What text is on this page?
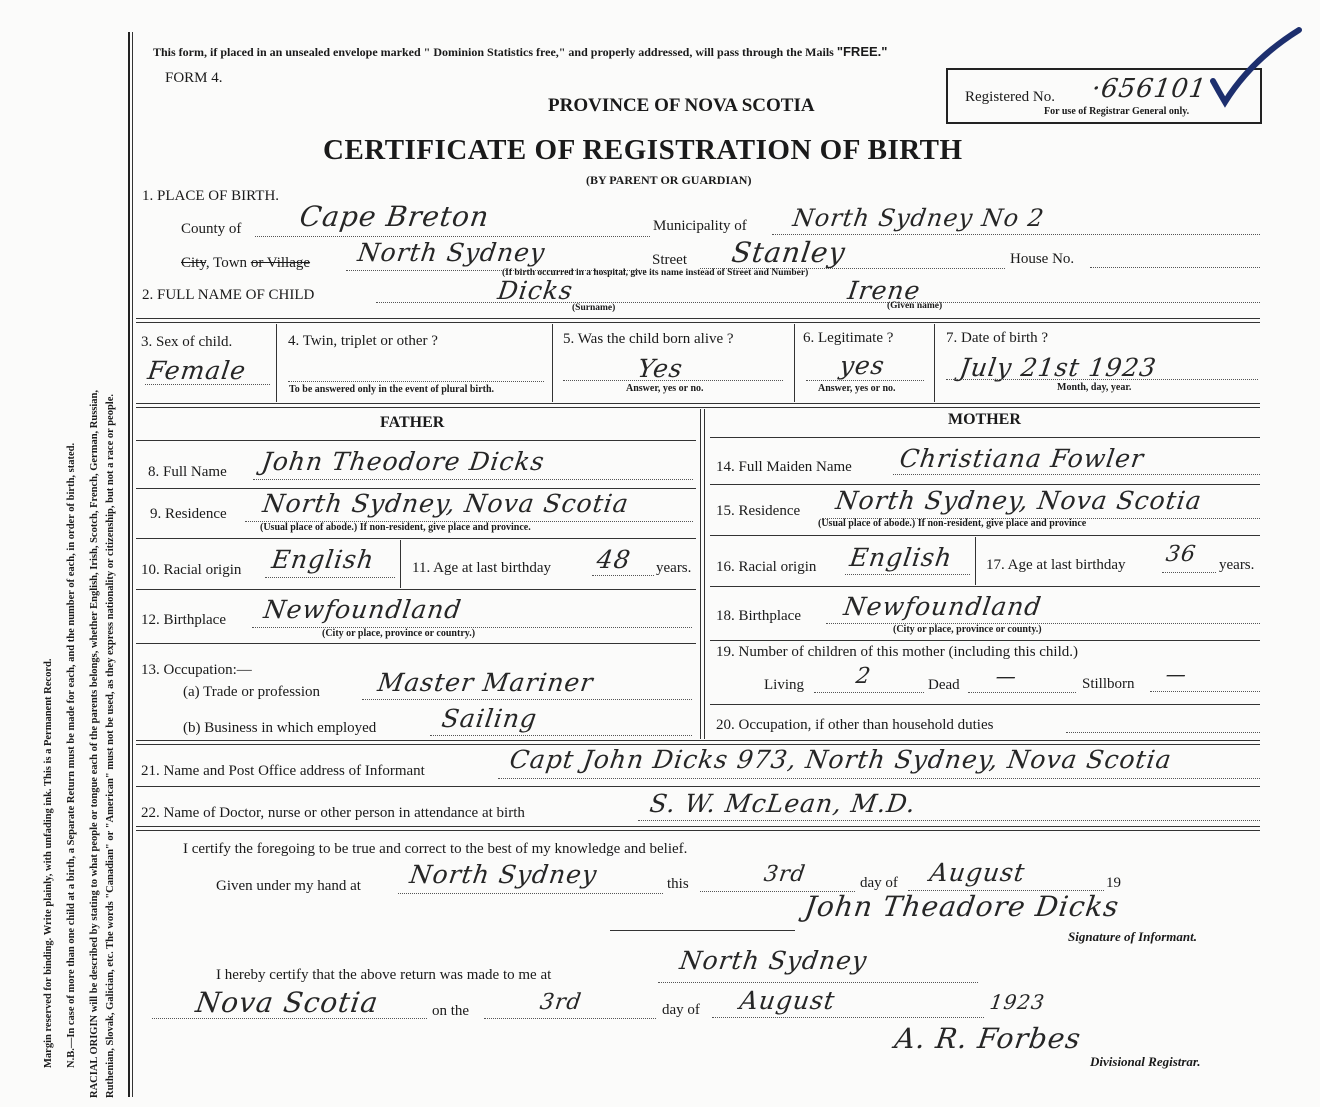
Margin reserved for binding. Write plainly, with unfading ink. This is a Permanent Record. N.B.—In case of more than one child at a birth, a Separate Return must be made for each, and the number of each, in order of birth, stated. RACIAL ORIGIN will be described by stating to what people or tongue each of the parents belongs, whether English, Irish, Scotch, French, German, Russian, Ruthenian, Slovak, Galician, etc. The words "Canadian" or "American" must not be used, as they express nationality or citizenship, but not a race or people.
This form, if placed in an unsealed envelope marked " Dominion Statistics free," and properly addressed, will pass through the Mails "FREE."
FORM 4.
PROVINCE OF NOVA SCOTIA
CERTIFICATE OF REGISTRATION OF BIRTH
(BY PARENT OR GUARDIAN)
Registered No. ·656101
For use of Registrar General only.
1. PLACE OF BIRTH.
County of Cape Breton	Municipality of North Sydney No 2
City, Town or Village North Sydney	Street Stanley	House No.
(If birth occurred in a hospital, give its name instead of Street and Number)
2. FULL NAME OF CHILD	Dicks	Irene
(Surname)	(Given name)
3. Sex of child.
Female
4. Twin, triplet or other ?
To be answered only in the event of plural birth.
5. Was the child born alive ?
Yes
Answer, yes or no.
6. Legitimate ?
yes
Answer, yes or no.
7. Date of birth ?
July 21st 1923
Month, day, year.
FATHER	MOTHER
8. Full Name John Theodore Dicks
9. Residence North Sydney, Nova Scotia
(Usual place of abode.) If non-resident, give place and province.
10. Racial origin English 11. Age at last birthday 48 years.
12. Birthplace Newfoundland
(City or place, province or country.)
13. Occupation:—
(a) Trade or profession Master Mariner
(b) Business in which employed	Sailing
14. Full Maiden Name Christiana Fowler
15. Residence North Sydney, Nova Scotia
(Usual place of abode.) If non-resident, give place and province
16. Racial origin English 17. Age at last birthday 36 years.
18. Birthplace Newfoundland
(City or place, province or county.)
19. Number of children of this mother (including this child.)
Living 2	Dead —	Stillborn —
20. Occupation, if other than household duties
21. Name and Post Office address of Informant	Capt John Dicks 973, North Sydney, Nova Scotia
22. Name of Doctor, nurse or other person in attendance at birth	S. W. McLean, M.D.
I certify the foregoing to be true and correct to the best of my knowledge and belief.
Given under my hand at North Sydney	this	3rd	day of August	19
John Theadore Dicks
Signature of Informant.
I hereby certify that the above return was made to me at	North Sydney
Nova Scotia	on the	3rd	day of August	1923
A. R. Forbes
Divisional Registrar.
